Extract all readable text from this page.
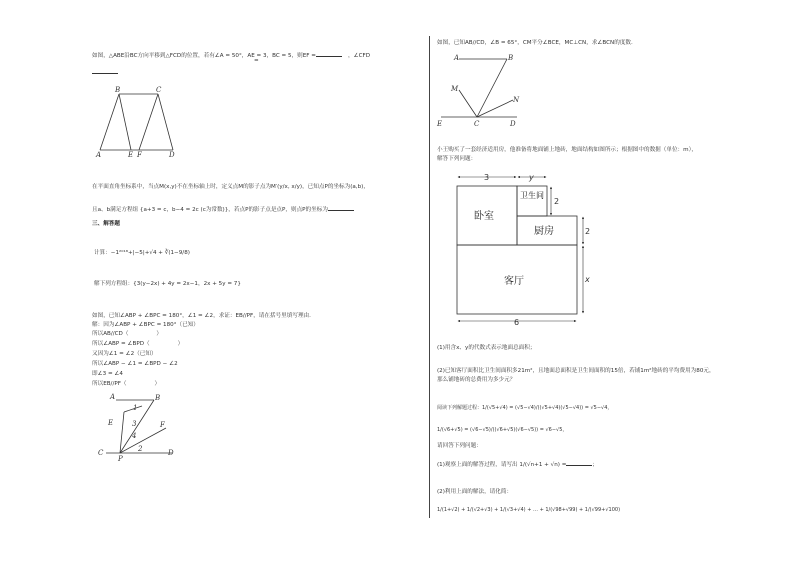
如图，△ABE沿BC方向平移到△FCD的位置，若有∠A = 50°，AE = 3，BC = 5，则EF =	，∠CFD
=
B	C
A	E F	D
在平面直角坐标系中，当点M(x,y)不在坐标轴上时，定义点M的影子点为M′(y/x, x/y)，已知点P的坐标为(a,b)，
且a、b满足方程组 {a+3 = c，b−4 = 2c (c为常数)}，若点P的影子点是点P，则点P的坐标为
三、解答题
计算：−1²⁰¹⁸+|−5|+√4 + ∛(1−9/8)
解下列方程组：{3(y−2x) + 4y = 2x−1，2x + 5y = 7}
如图，已知∠ABP + ∠BPC = 180°，∠1 = ∠2，求证：EB//PF，请在括号里填写理由.
解：因为∠ABP + ∠BPC = 180°（已知）
所以AB//CD（　　　　　）
所以∠ABP = ∠BPD（　　　　　）
又因为∠1 = ∠2（已知）
所以∠ABP − ∠1 = ∠BPD − ∠2
即∠3 = ∠4
所以EB//PF（　　　　　）
A	B
1
E	3
4
F
C	2	D
P
如图，已知AB//CD，∠B = 65°，CM平分∠BCE，MC⊥CN，求∠BCN的度数.
A	B
M
N
E	C	D
小王购买了一套经济适用房，他准备将地面铺上地砖，地面结构如图所示；根据图中的数据（单位：m），
解答下列问题：
卧室
卫生间
厨房
客厅
3	y
2
2
x
6
(1)用含x、y的代数式表示地面总面积；
(2)已知客厅面积比卫生间面积多21m²，且地面总面积是卫生间面积的15倍，若铺1m²地砖的平均费用为80元，
那么铺地砖的总费用为多少元？
阅读下列解题过程：1/(√5+√4) = (√5−√4)/((√5+√4)(√5−√4)) = √5−√4，
1/(√6+√5) = (√6−√5)/((√6+√5)(√6−√5)) = √6−√5，
请回答下列问题：
(1)观察上面的解答过程，请写出 1/(√n+1 + √n) =	；
(2)利用上面的解法，请化简：
1/(1+√2) + 1/(√2+√3) + 1/(√3+√4) + … + 1/(√98+√99) + 1/(√99+√100)
